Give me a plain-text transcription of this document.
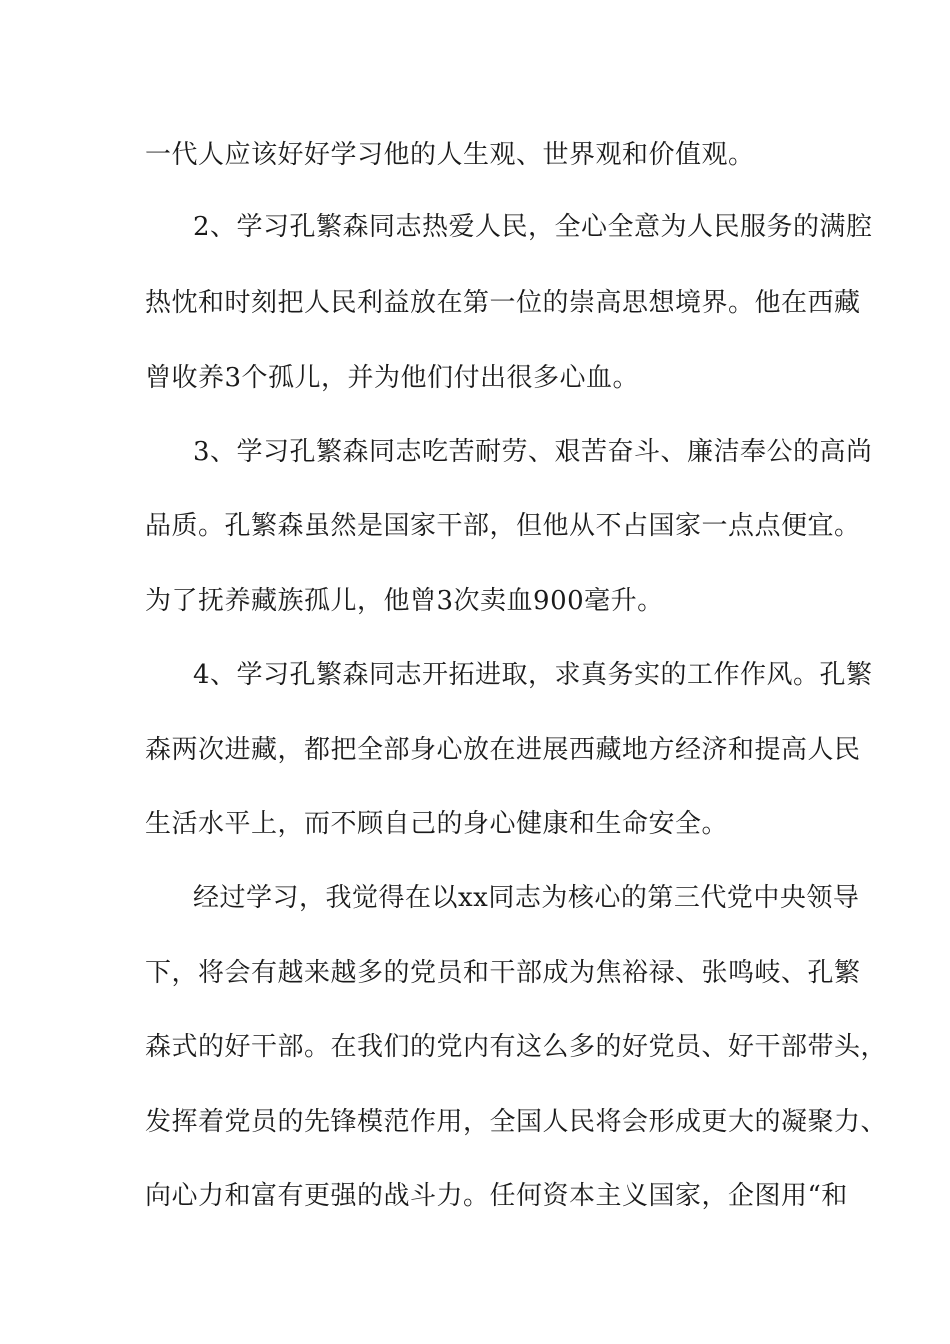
一代人应该好好学习他的人生观、世界观和价值观。
2、学习孔繁森同志热爱人民，全心全意为人民服务的满腔
热忱和时刻把人民利益放在第一位的崇高思想境界。他在西藏
曾收养3个孤儿，并为他们付出很多心血。
3、学习孔繁森同志吃苦耐劳、艰苦奋斗、廉洁奉公的高尚
品质。孔繁森虽然是国家干部，但他从不占国家一点点便宜。
为了抚养藏族孤儿，他曾3次卖血900毫升。
4、学习孔繁森同志开拓进取，求真务实的工作作风。孔繁
森两次进藏，都把全部身心放在进展西藏地方经济和提高人民
生活水平上，而不顾自己的身心健康和生命安全。
经过学习，我觉得在以xx同志为核心的第三代党中央领导
下，将会有越来越多的党员和干部成为焦裕禄、张鸣岐、孔繁
森式的好干部。在我们的党内有这么多的好党员、好干部带头，
发挥着党员的先锋模范作用，全国人民将会形成更大的凝聚力、
向心力和富有更强的战斗力。任何资本主义国家，企图用“和
